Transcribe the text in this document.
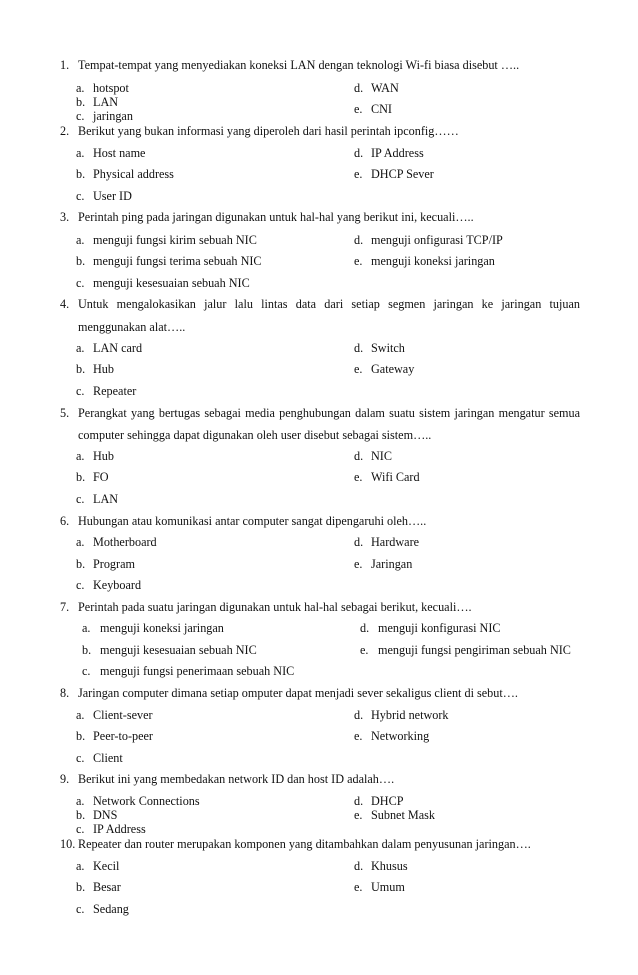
1. Tempat-tempat yang menyediakan koneksi LAN dengan teknologi Wi-fi biasa disebut …..
a. hotspot
b. LAN
c. jaringan
d. WAN
e. CNI
2. Berikut yang bukan informasi yang diperoleh dari hasil perintah ipconfig……
a. Host name
b. Physical address
c. User ID
d. IP Address
e. DHCP Sever
3. Perintah ping pada jaringan digunakan untuk hal-hal yang berikut ini, kecuali…..
a. menguji fungsi kirim sebuah NIC
b. menguji fungsi terima sebuah NIC
c. menguji kesesuaian sebuah NIC
d. menguji onfigurasi TCP/IP
e. menguji koneksi jaringan
4. Untuk mengalokasikan jalur lalu lintas data dari setiap segmen jaringan ke jaringan tujuan
menggunakan alat…..
a. LAN card
b. Hub
c. Repeater
d. Switch
e. Gateway
5. Perangkat yang bertugas sebagai media penghubungan dalam suatu sistem jaringan mengatur semua
computer sehingga dapat digunakan oleh user disebut sebagai sistem…..
a. Hub
b. FO
c. LAN
d. NIC
e. Wifi Card
6. Hubungan atau komunikasi antar computer sangat dipengaruhi oleh…..
a. Motherboard
b. Program
c. Keyboard
d. Hardware
e. Jaringan
7. Perintah pada suatu jaringan digunakan untuk hal-hal sebagai berikut, kecuali….
a. menguji koneksi jaringan
b. menguji kesesuaian sebuah NIC
c. menguji fungsi penerimaan sebuah NIC
d. menguji konfigurasi NIC
e. menguji fungsi pengiriman sebuah NIC
8. Jaringan computer dimana setiap omputer dapat menjadi sever sekaligus client di sebut….
a. Client-sever
b. Peer-to-peer
c. Client
d. Hybrid network
e. Networking
9. Berikut ini yang membedakan network ID dan host ID adalah….
a. Network Connections
b. DNS
c. IP Address
d. DHCP
e. Subnet Mask
10. Repeater dan router merupakan komponen yang ditambahkan dalam penyusunan jaringan….
a. Kecil
b. Besar
c. Sedang
d. Khusus
e. Umum
